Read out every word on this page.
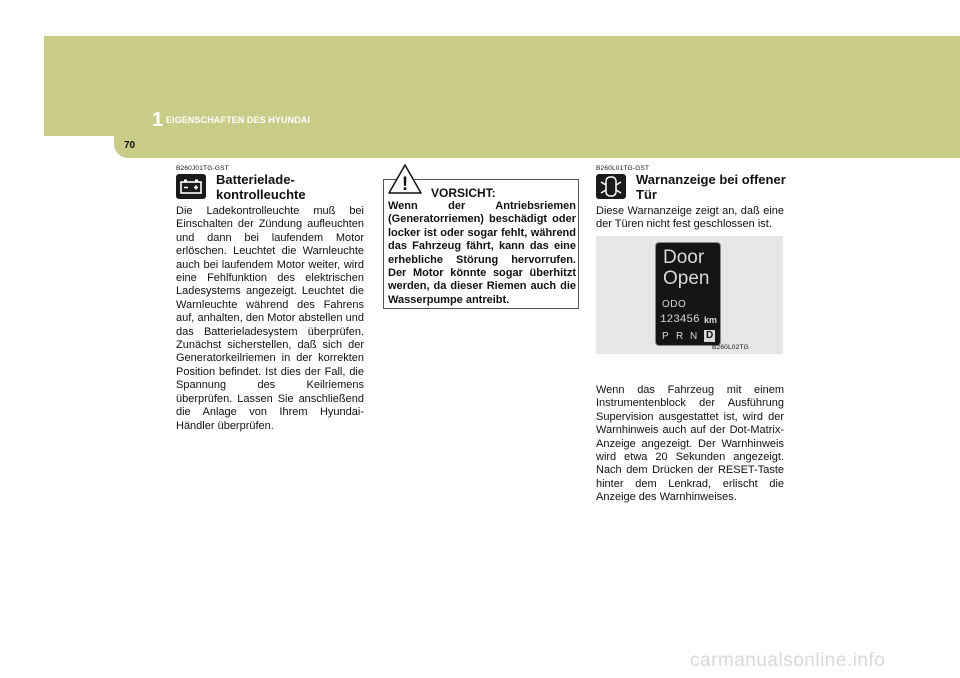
1 EIGENSCHAFTEN DES HYUNDAI
70
B260J01TG-GST
Batterielade-
kontrolleuchte

Die Ladekontrolleuchte muß bei Einschalten der Zündung aufleuchten und dann bei laufendem Motor erlöschen. Leuchtet die Warnleuchte auch bei laufendem Motor weiter, wird eine Fehlfunktion des elektrischen Ladesystems angezeigt. Leuchtet die Warnleuchte während des Fahrens auf, anhalten, den Motor abstellen und das Batterieladesystem überprüfen. Zunächst sicherstellen, daß sich der Generatorkeilriemen in der korrekten Position befindet. Ist dies der Fall, die Spannung des Keilriemens überprüfen. Lassen Sie anschließend die Anlage von Ihrem Hyundai-Händler überprüfen.

VORSICHT:

Wenn der Antriebsriemen (Generatorriemen) beschädigt oder locker ist oder sogar fehlt, während das Fahrzeug fährt, kann das eine erhebliche Störung hervorrufen. Der Motor könnte sogar überhitzt werden, da dieser Riemen auch die Wasserpumpe antreibt.

!
B260L01TG-GST
Warnanzeige bei offener
Tür

Diese Warnanzeige zeigt an, daß eine der Türen nicht fest geschlossen ist.

Door
Open
ODO
123456 km
P R N D
B260L02TG

Wenn das Fahrzeug mit einem Instrumentenblock der Ausführung Supervision ausgestattet ist, wird der Warnhinweis auch auf der Dot-Matrix-Anzeige angezeigt. Der Warnhinweis wird etwa 20 Sekunden angezeigt. Nach dem Drücken der RESET-Taste hinter dem Lenkrad, erlischt die Anzeige des Warnhinweises.

carmanualsonline.info
